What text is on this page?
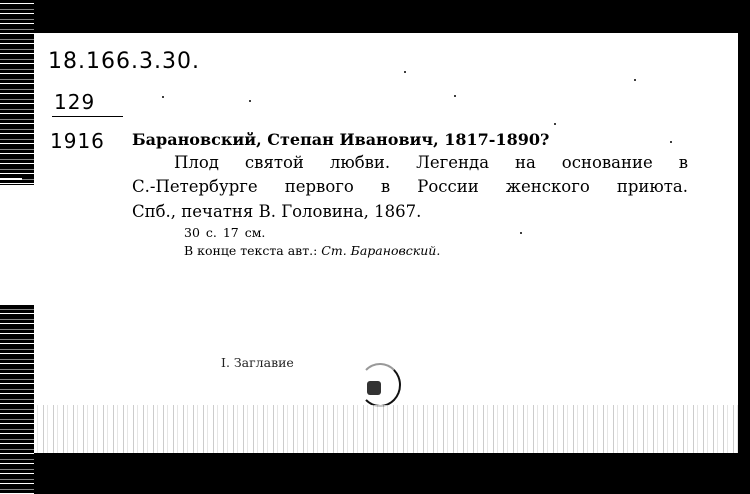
18.166.3.30.
129
1916 Барановский, Степан Иванович, 1817-1890?
Плод святой любви. Легенда на основание в
С.-Петербурге первого в России женского приюта.
Спб., печатня В. Головина, 1867.
30 с. 17 см.
В конце текста авт.: Ст. Барановский.
I. Заглавие
